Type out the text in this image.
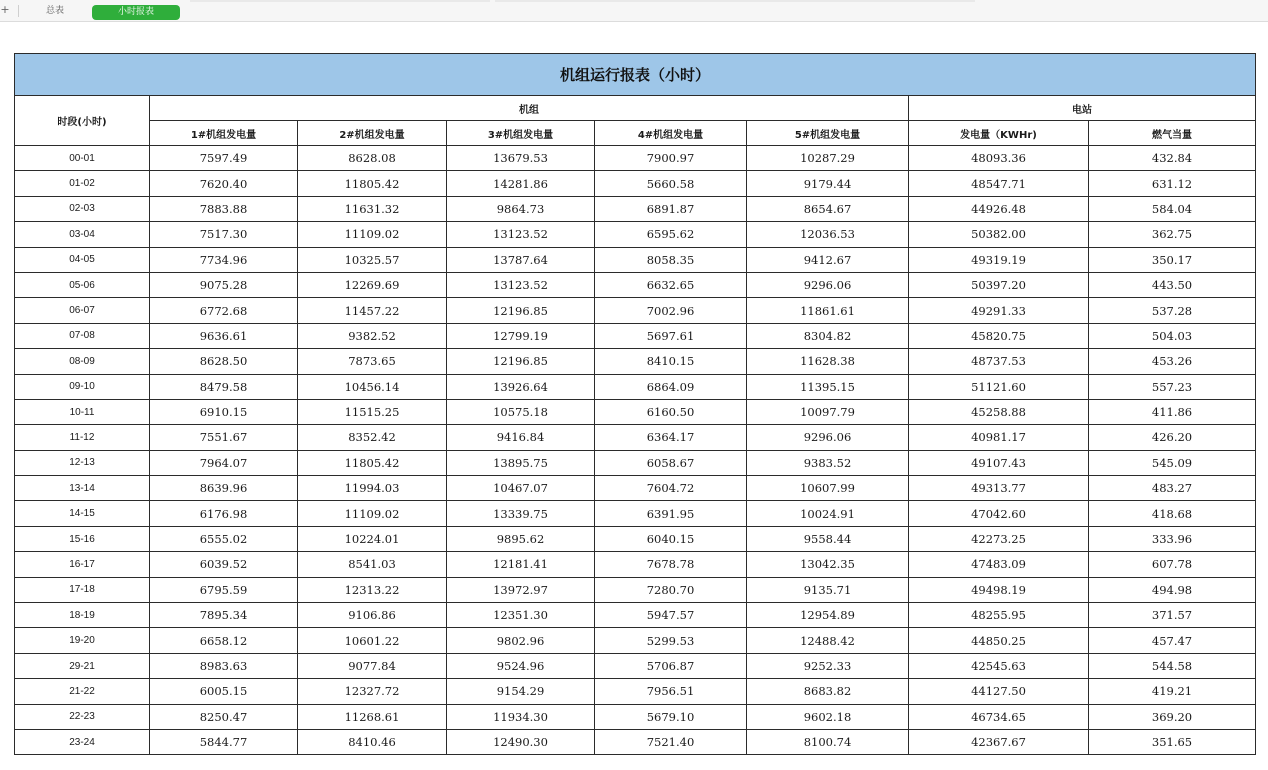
+	总表	小时报表
机组运行报表（小时）							
时段(小时)	机组					电站	
	1#机组发电量	2#机组发电量	3#机组发电量	4#机组发电量	5#机组发电量	发电量（KWHr)	燃气当量
00-01	7597.49	8628.08	13679.53	7900.97	10287.29	48093.36	432.84
01-02	7620.40	11805.42	14281.86	5660.58	9179.44	48547.71	631.12
02-03	7883.88	11631.32	9864.73	6891.87	8654.67	44926.48	584.04
03-04	7517.30	11109.02	13123.52	6595.62	12036.53	50382.00	362.75
04-05	7734.96	10325.57	13787.64	8058.35	9412.67	49319.19	350.17
05-06	9075.28	12269.69	13123.52	6632.65	9296.06	50397.20	443.50
06-07	6772.68	11457.22	12196.85	7002.96	11861.61	49291.33	537.28
07-08	9636.61	9382.52	12799.19	5697.61	8304.82	45820.75	504.03
08-09	8628.50	7873.65	12196.85	8410.15	11628.38	48737.53	453.26
09-10	8479.58	10456.14	13926.64	6864.09	11395.15	51121.60	557.23
10-11	6910.15	11515.25	10575.18	6160.50	10097.79	45258.88	411.86
11-12	7551.67	8352.42	9416.84	6364.17	9296.06	40981.17	426.20
12-13	7964.07	11805.42	13895.75	6058.67	9383.52	49107.43	545.09
13-14	8639.96	11994.03	10467.07	7604.72	10607.99	49313.77	483.27
14-15	6176.98	11109.02	13339.75	6391.95	10024.91	47042.60	418.68
15-16	6555.02	10224.01	9895.62	6040.15	9558.44	42273.25	333.96
16-17	6039.52	8541.03	12181.41	7678.78	13042.35	47483.09	607.78
17-18	6795.59	12313.22	13972.97	7280.70	9135.71	49498.19	494.98
18-19	7895.34	9106.86	12351.30	5947.57	12954.89	48255.95	371.57
19-20	6658.12	10601.22	9802.96	5299.53	12488.42	44850.25	457.47
29-21	8983.63	9077.84	9524.96	5706.87	9252.33	42545.63	544.58
21-22	6005.15	12327.72	9154.29	7956.51	8683.82	44127.50	419.21
22-23	8250.47	11268.61	11934.30	5679.10	9602.18	46734.65	369.20
23-24	5844.77	8410.46	12490.30	7521.40	8100.74	42367.67	351.65
